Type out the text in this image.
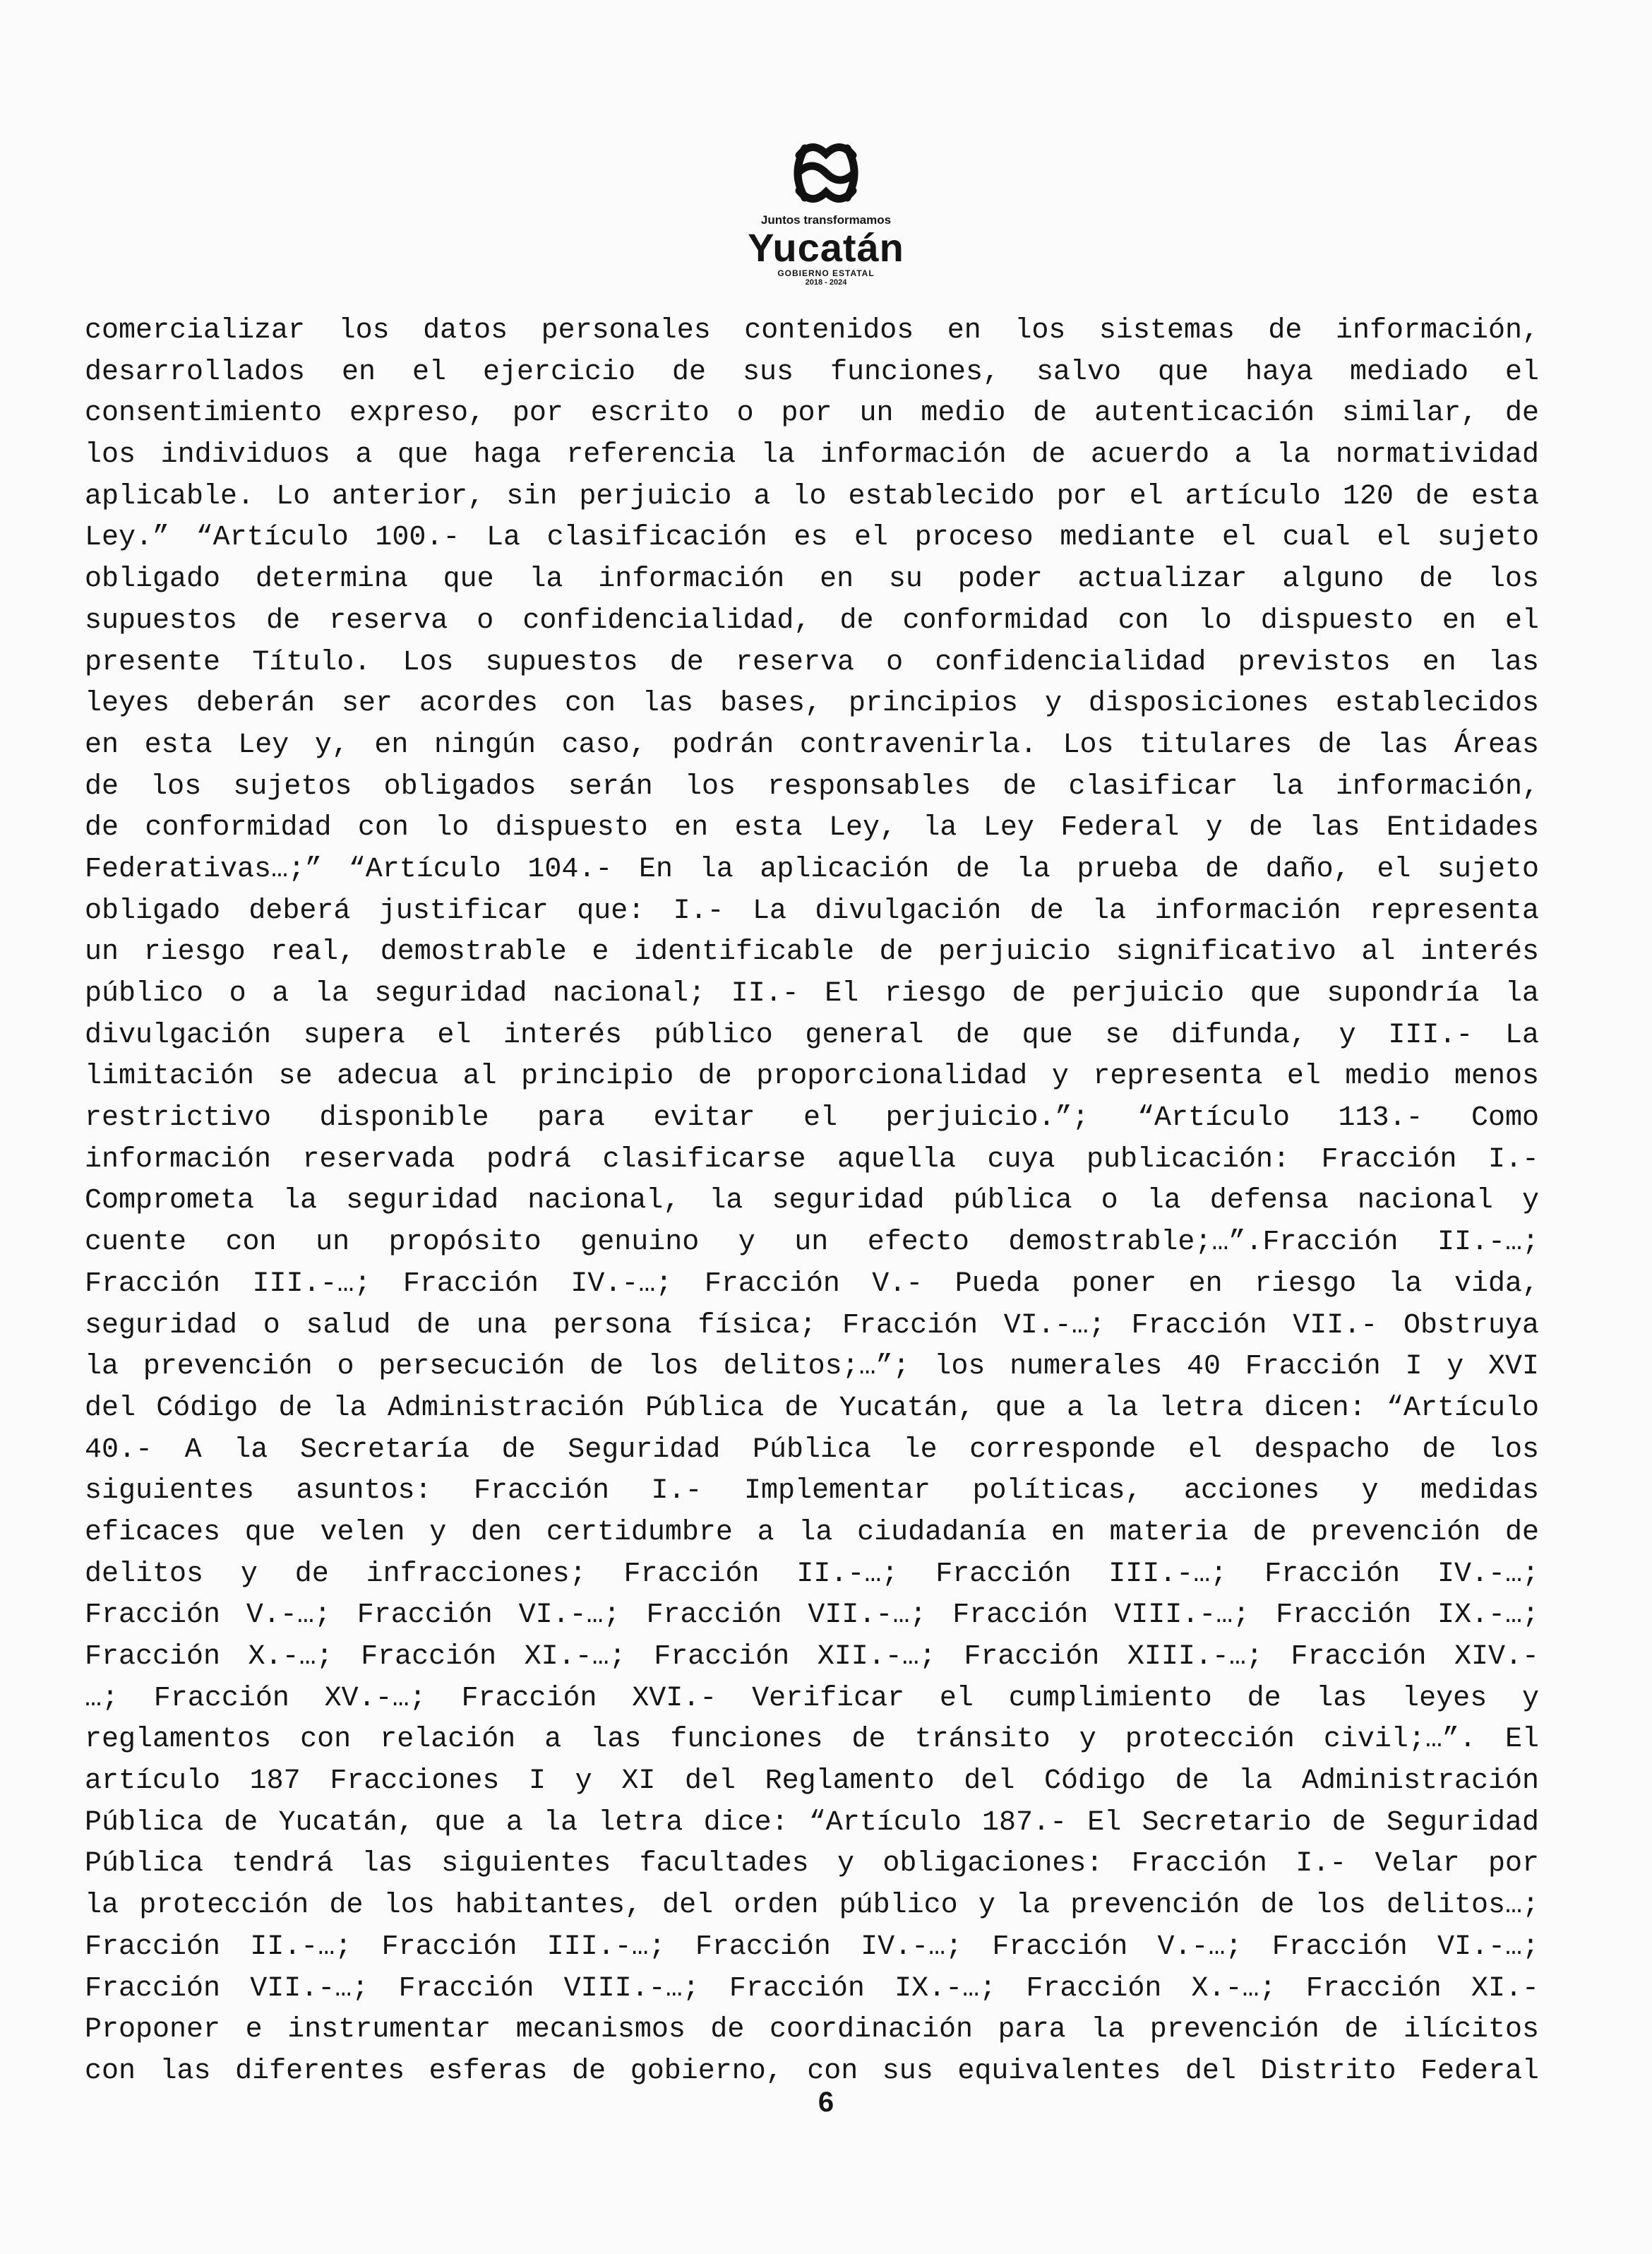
Juntos transformamos
Yucatán
GOBIERNO ESTATAL
2018 - 2024
comercializar los datos personales contenidos en los sistemas de información,
desarrollados en el ejercicio de sus funciones, salvo que haya mediado el
consentimiento expreso, por escrito o por un medio de autenticación similar, de
los individuos a que haga referencia la información de acuerdo a la normatividad
aplicable. Lo anterior, sin perjuicio a lo establecido por el artículo 120 de esta
Ley.” “Artículo 100.- La clasificación es el proceso mediante el cual el sujeto
obligado determina que la información en su poder actualizar alguno de los
supuestos de reserva o confidencialidad, de conformidad con lo dispuesto en el
presente Título. Los supuestos de reserva o confidencialidad previstos en las
leyes deberán ser acordes con las bases, principios y disposiciones establecidos
en esta Ley y, en ningún caso, podrán contravenirla. Los titulares de las Áreas
de los sujetos obligados serán los responsables de clasificar la información,
de conformidad con lo dispuesto en esta Ley, la Ley Federal y de las Entidades
Federativas…;” “Artículo 104.- En la aplicación de la prueba de daño, el sujeto
obligado deberá justificar que: I.- La divulgación de la información representa
un riesgo real, demostrable e identificable de perjuicio significativo al interés
público o a la seguridad nacional; II.- El riesgo de perjuicio que supondría la
divulgación supera el interés público general de que se difunda, y III.- La
limitación se adecua al principio de proporcionalidad y representa el medio menos
restrictivo disponible para evitar el perjuicio.”; “Artículo 113.- Como
información reservada podrá clasificarse aquella cuya publicación: Fracción I.-
Comprometa la seguridad nacional, la seguridad pública o la defensa nacional y
cuente con un propósito genuino y un efecto demostrable;…”.Fracción II.-…;
Fracción III.-…; Fracción IV.-…; Fracción V.- Pueda poner en riesgo la vida,
seguridad o salud de una persona física; Fracción VI.-…; Fracción VII.- Obstruya
la prevención o persecución de los delitos;…”; los numerales 40 Fracción I y XVI
del Código de la Administración Pública de Yucatán, que a la letra dicen: “Artículo
40.- A la Secretaría de Seguridad Pública le corresponde el despacho de los
siguientes asuntos: Fracción I.- Implementar políticas, acciones y medidas
eficaces que velen y den certidumbre a la ciudadanía en materia de prevención de
delitos y de infracciones; Fracción II.-…; Fracción III.-…; Fracción IV.-…;
Fracción V.-…; Fracción VI.-…; Fracción VII.-…; Fracción VIII.-…; Fracción IX.-…;
Fracción X.-…; Fracción XI.-…; Fracción XII.-…; Fracción XIII.-…; Fracción XIV.-
…; Fracción XV.-…; Fracción XVI.- Verificar el cumplimiento de las leyes y
reglamentos con relación a las funciones de tránsito y protección civil;…”. El
artículo 187 Fracciones I y XI del Reglamento del Código de la Administración
Pública de Yucatán, que a la letra dice: “Artículo 187.- El Secretario de Seguridad
Pública tendrá las siguientes facultades y obligaciones: Fracción I.- Velar por
la protección de los habitantes, del orden público y la prevención de los delitos…;
Fracción II.-…; Fracción III.-…; Fracción IV.-…; Fracción V.-…; Fracción VI.-…;
Fracción VII.-…; Fracción VIII.-…; Fracción IX.-…; Fracción X.-…; Fracción XI.-
Proponer e instrumentar mecanismos de coordinación para la prevención de ilícitos
con las diferentes esferas de gobierno, con sus equivalentes del Distrito Federal
6
